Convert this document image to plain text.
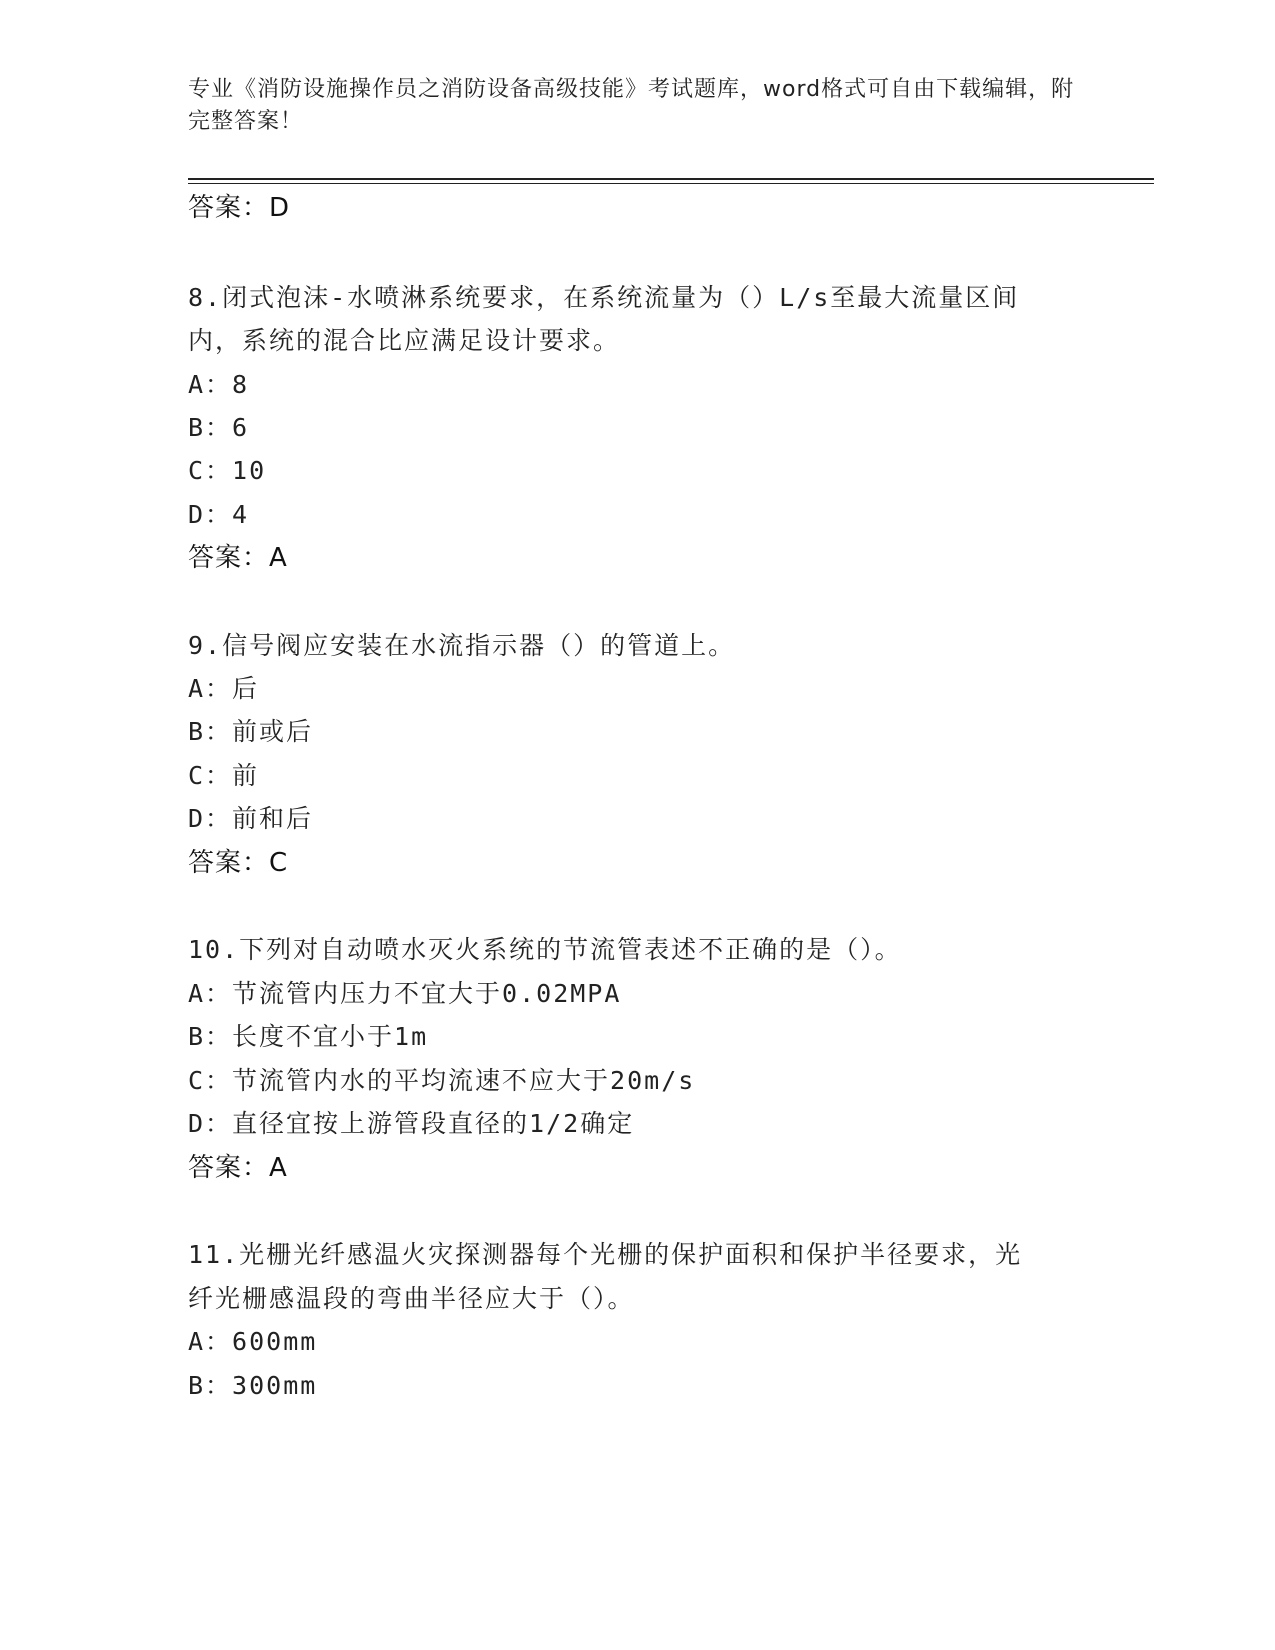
专业《消防设施操作员之消防设备高级技能》考试题库，word格式可自由下载编辑，附完整答案！
答案：D
8.闭式泡沫-水喷淋系统要求，在系统流量为（）L/s至最大流量区间
内，系统的混合比应满足设计要求。
A：8
B：6
C：10
D：4
答案：A
9.信号阀应安装在水流指示器（）的管道上。
A：后
B：前或后
C：前
D：前和后
答案：C
10.下列对自动喷水灭火系统的节流管表述不正确的是（）。
A：节流管内压力不宜大于0.02MPA
B：长度不宜小于1m
C：节流管内水的平均流速不应大于20m/s
D：直径宜按上游管段直径的1/2确定
答案：A
11.光栅光纤感温火灾探测器每个光栅的保护面积和保护半径要求，光
纤光栅感温段的弯曲半径应大于（）。
A：600mm
B：300mm
